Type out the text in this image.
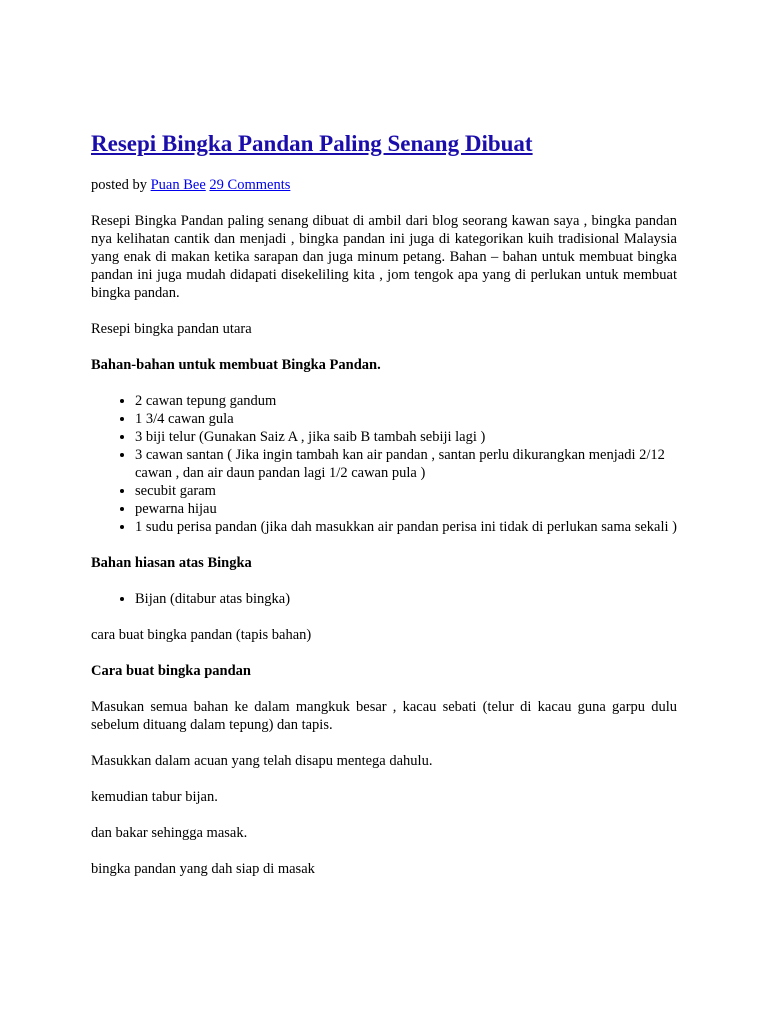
Resepi Bingka Pandan Paling Senang Dibuat
posted by Puan Bee 29 Comments

Resepi Bingka Pandan paling senang dibuat di ambil dari blog seorang kawan saya , bingka pandan nya kelihatan cantik dan menjadi , bingka pandan ini juga di kategorikan kuih tradisional Malaysia yang enak di makan ketika sarapan dan juga minum petang. Bahan – bahan untuk membuat bingka pandan ini juga mudah didapati disekeliling kita , jom tengok apa yang di perlukan untuk membuat bingka pandan.

Resepi bingka pandan utara

Bahan-bahan untuk membuat Bingka Pandan.

• 2 cawan tepung gandum
• 1 3/4 cawan gula
• 3 biji telur (Gunakan Saiz A , jika saib B tambah sebiji lagi )
• 3 cawan santan ( Jika ingin tambah kan air pandan , santan perlu dikurangkan menjadi 2/12 cawan , dan air daun pandan lagi 1/2 cawan pula )
• secubit garam
• pewarna hijau
• 1 sudu perisa pandan (jika dah masukkan air pandan perisa ini tidak di perlukan sama sekali )

Bahan hiasan atas Bingka

• Bijan (ditabur atas bingka)

cara buat bingka pandan (tapis bahan)

Cara buat bingka pandan

Masukan semua bahan ke dalam mangkuk besar , kacau sebati (telur di kacau guna garpu dulu sebelum dituang dalam tepung) dan tapis.

Masukkan dalam acuan yang telah disapu mentega dahulu.

kemudian tabur bijan.

dan bakar sehingga masak.

bingka pandan yang dah siap di masak
